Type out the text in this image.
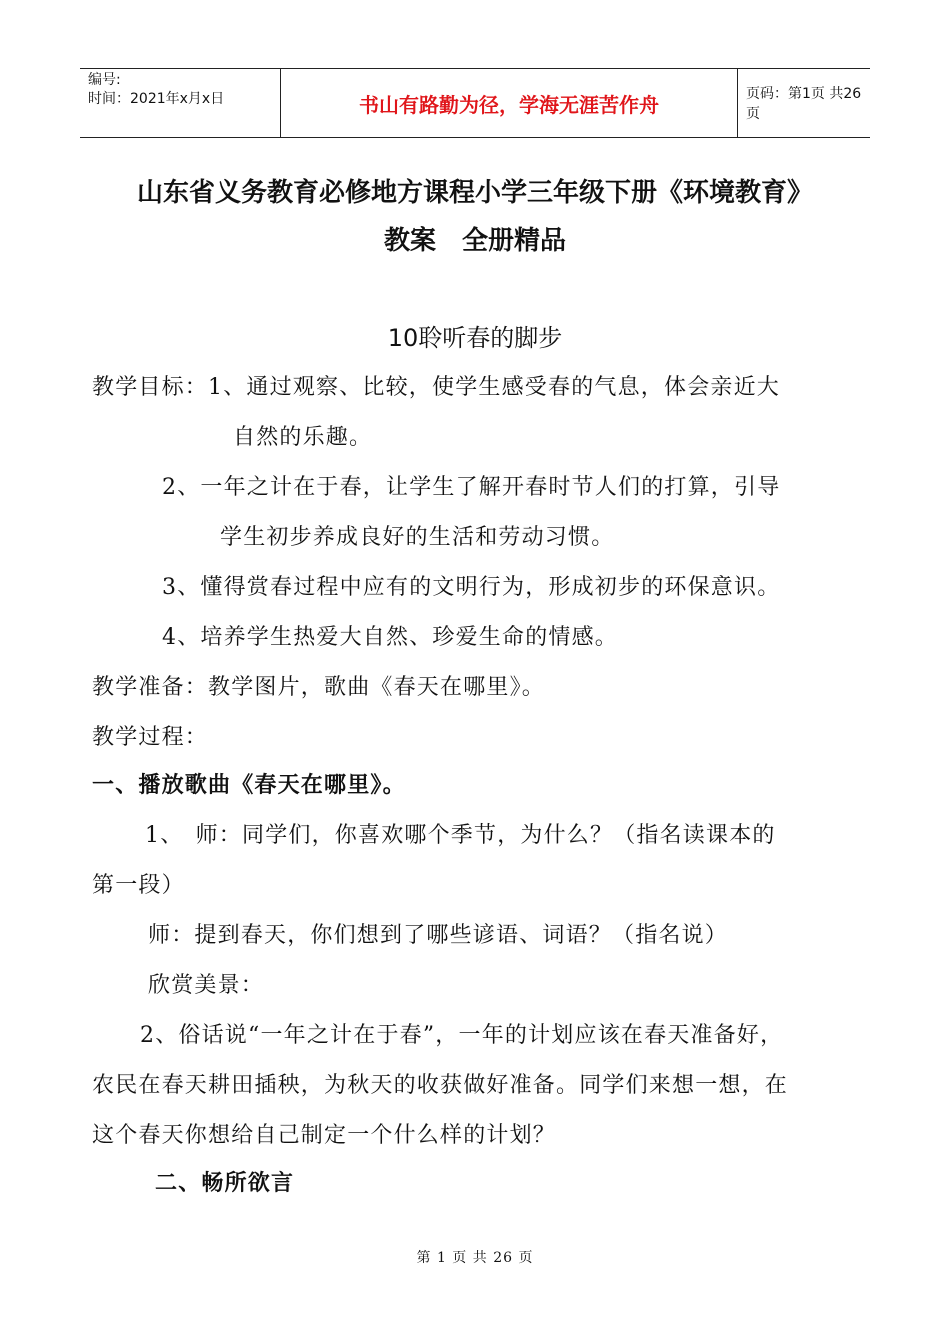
编号:
时间：2021年x月x日	书山有路勤为径，学海无涯苦作舟	页码：第1页 共26页
山东省义务教育必修地方课程小学三年级下册《环境教育》
教案　全册精品
10聆听春的脚步
教学目标：1、通过观察、比较，使学生感受春的气息，体会亲近大
自然的乐趣。
2、一年之计在于春，让学生了解开春时节人们的打算，引导
学生初步养成良好的生活和劳动习惯。
3、懂得赏春过程中应有的文明行为，形成初步的环保意识。
4、培养学生热爱大自然、珍爱生命的情感。
教学准备：教学图片，歌曲《春天在哪里》。
教学过程：
一、播放歌曲《春天在哪里》。
1、　师：同学们，你喜欢哪个季节，为什么？（指名读课本的
第一段）
师：提到春天，你们想到了哪些谚语、词语？（指名说）
欣赏美景：
2、俗话说“一年之计在于春”，一年的计划应该在春天准备好，
农民在春天耕田插秧，为秋天的收获做好准备。同学们来想一想，在
这个春天你想给自己制定一个什么样的计划？
二、畅所欲言
第 1 页 共 26 页
